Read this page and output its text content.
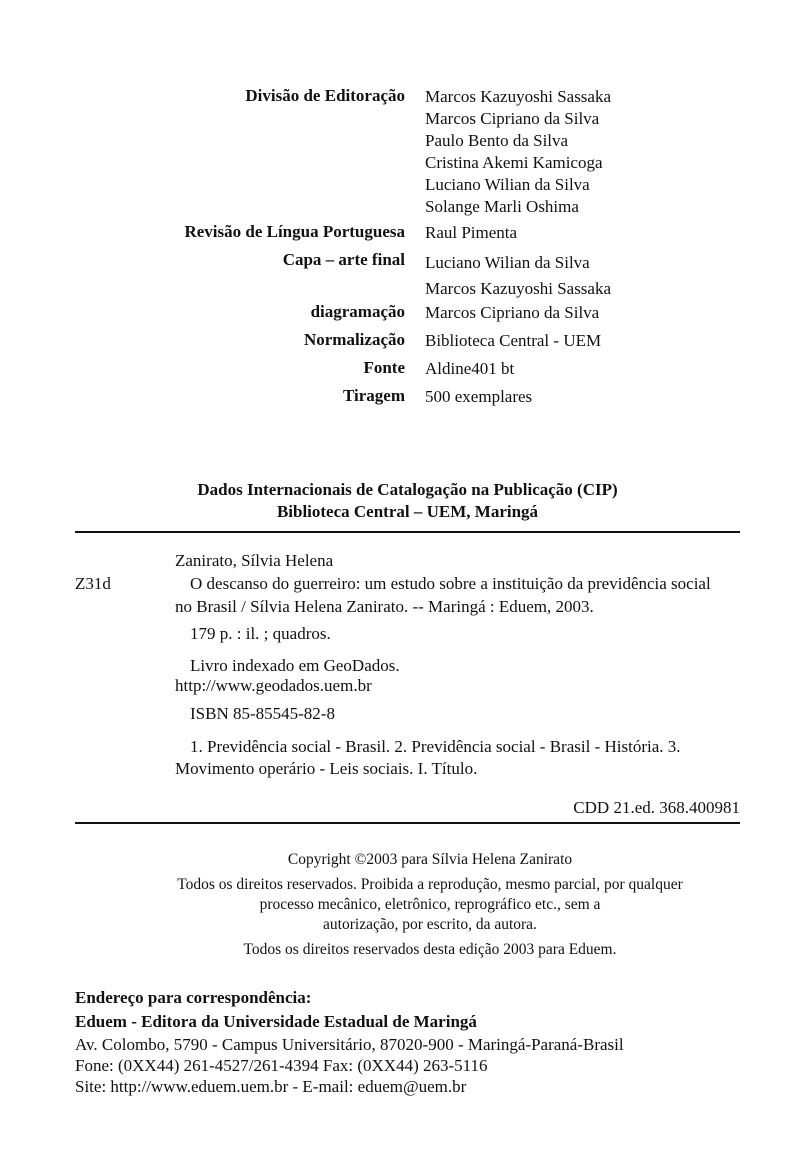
Divisão de Editoração Marcos Kazuyoshi Sassaka
Marcos Cipriano da Silva
Paulo Bento da Silva
Cristina Akemi Kamicoga
Luciano Wilian da Silva
Solange Marli Oshima
Revisão de Língua Portuguesa Raul Pimenta
Capa – arte final Luciano Wilian da Silva
Marcos Kazuyoshi Sassaka
diagramação Marcos Cipriano da Silva
Normalização Biblioteca Central - UEM
Fonte Aldine401 bt
Tiragem 500 exemplares
Dados Internacionais de Catalogação na Publicação (CIP)
Biblioteca Central – UEM, Maringá
Zanirato, Sílvia Helena
Z31d	O descanso do guerreiro: um estudo sobre a instituição da previdência social
no Brasil / Sílvia Helena Zanirato. -- Maringá : Eduem, 2003.
179 p. : il. ; quadros.
Livro indexado em GeoDados.
http://www.geodados.uem.br
ISBN 85-85545-82-8
1. Previdência social - Brasil. 2. Previdência social - Brasil - História. 3.
Movimento operário - Leis sociais. I. Título.
CDD 21.ed. 368.400981
Copyright ©2003 para Sílvia Helena Zanirato
Todos os direitos reservados. Proibida a reprodução, mesmo parcial, por qualquer
processo mecânico, eletrônico, reprográfico etc., sem a
autorização, por escrito, da autora.
Todos os direitos reservados desta edição 2003 para Eduem.
Endereço para correspondência:
Eduem - Editora da Universidade Estadual de Maringá
Av. Colombo, 5790 - Campus Universitário, 87020-900 - Maringá-Paraná-Brasil
Fone: (0XX44) 261-4527/261-4394 Fax: (0XX44) 263-5116
Site: http://www.eduem.uem.br - E-mail: eduem@uem.br
